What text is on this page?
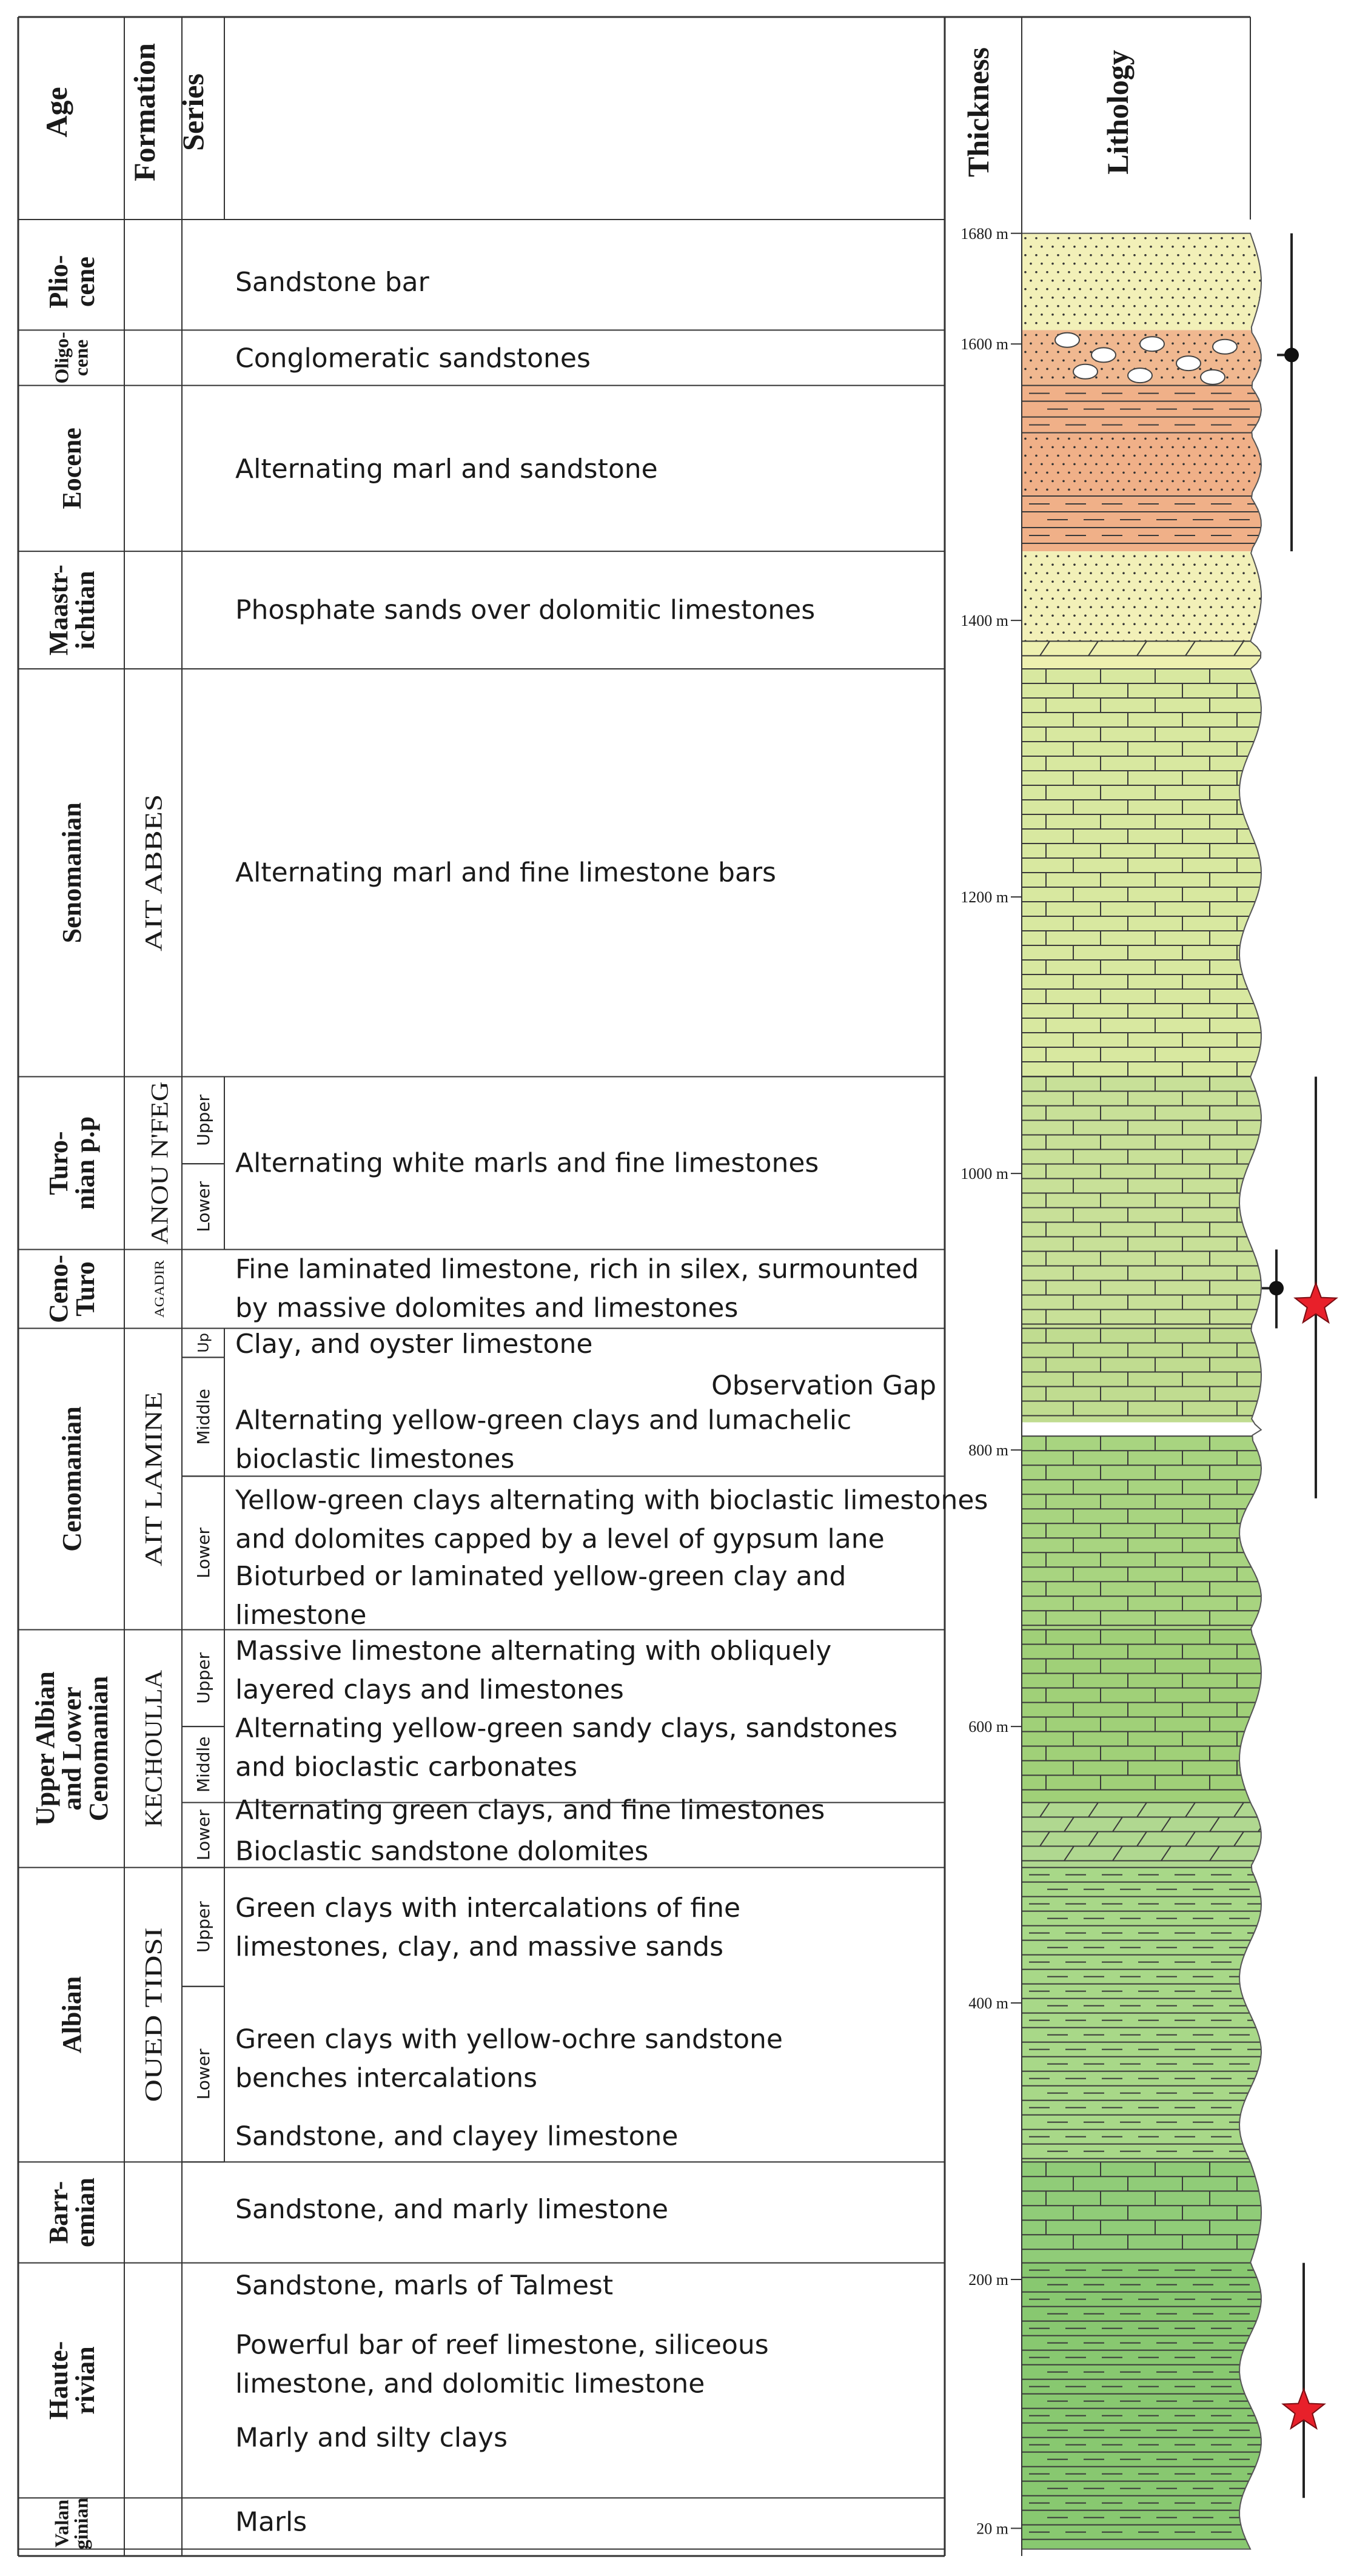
Age Formation Series	Thickness	Lithology
Plio-
cene
Oligo-
cene
Eocene
Maastr-
ichtian
Senomanian
Turo-
nian p.p
Ceno-
Turo
Cenomanian
Upper Albian
and Lower
Cenomanian
Albian
Barr-
emian
Haute-
rivian
Valan
ginian
AIT ABBES
ANOU N'FEG
AGADIR
AIT LAMINE
KECHOULLA
OUED TIDSI
Upper
Lower
Up
Middle
Lower
Upper
Middle
Lower
Upper
Lower
Sandstone bar
Conglomeratic sandstones
Alternating marl and sandstone
Phosphate sands over dolomitic limestones
Alternating marl and fine limestone bars
Alternating white marls and fine limestones
Fine laminated limestone, rich in silex, surmounted
by massive dolomites and limestones
Clay, and oyster limestone
Observation Gap
Alternating yellow-green clays and lumachelic
bioclastic limestones
Yellow-green clays alternating with bioclastic limestones
and dolomites capped by a level of gypsum lane
Bioturbed or laminated yellow-green clay and
limestone
Massive limestone alternating with obliquely
layered clays and limestones
Alternating yellow-green sandy clays, sandstones
and bioclastic carbonates
Alternating green clays, and fine limestones
Bioclastic sandstone dolomites
Green clays with intercalations of fine
limestones, clay, and massive sands
Green clays with yellow-ochre sandstone
benches intercalations
Sandstone, and clayey limestone
Sandstone, and marly limestone
Sandstone, marls of Talmest
Powerful bar of reef limestone, siliceous
limestone, and dolomitic limestone
Marly and silty clays
Marls
1680 m
1600 m
1400 m
1200 m
1000 m
800 m
600 m
400 m
200 m
20 m
